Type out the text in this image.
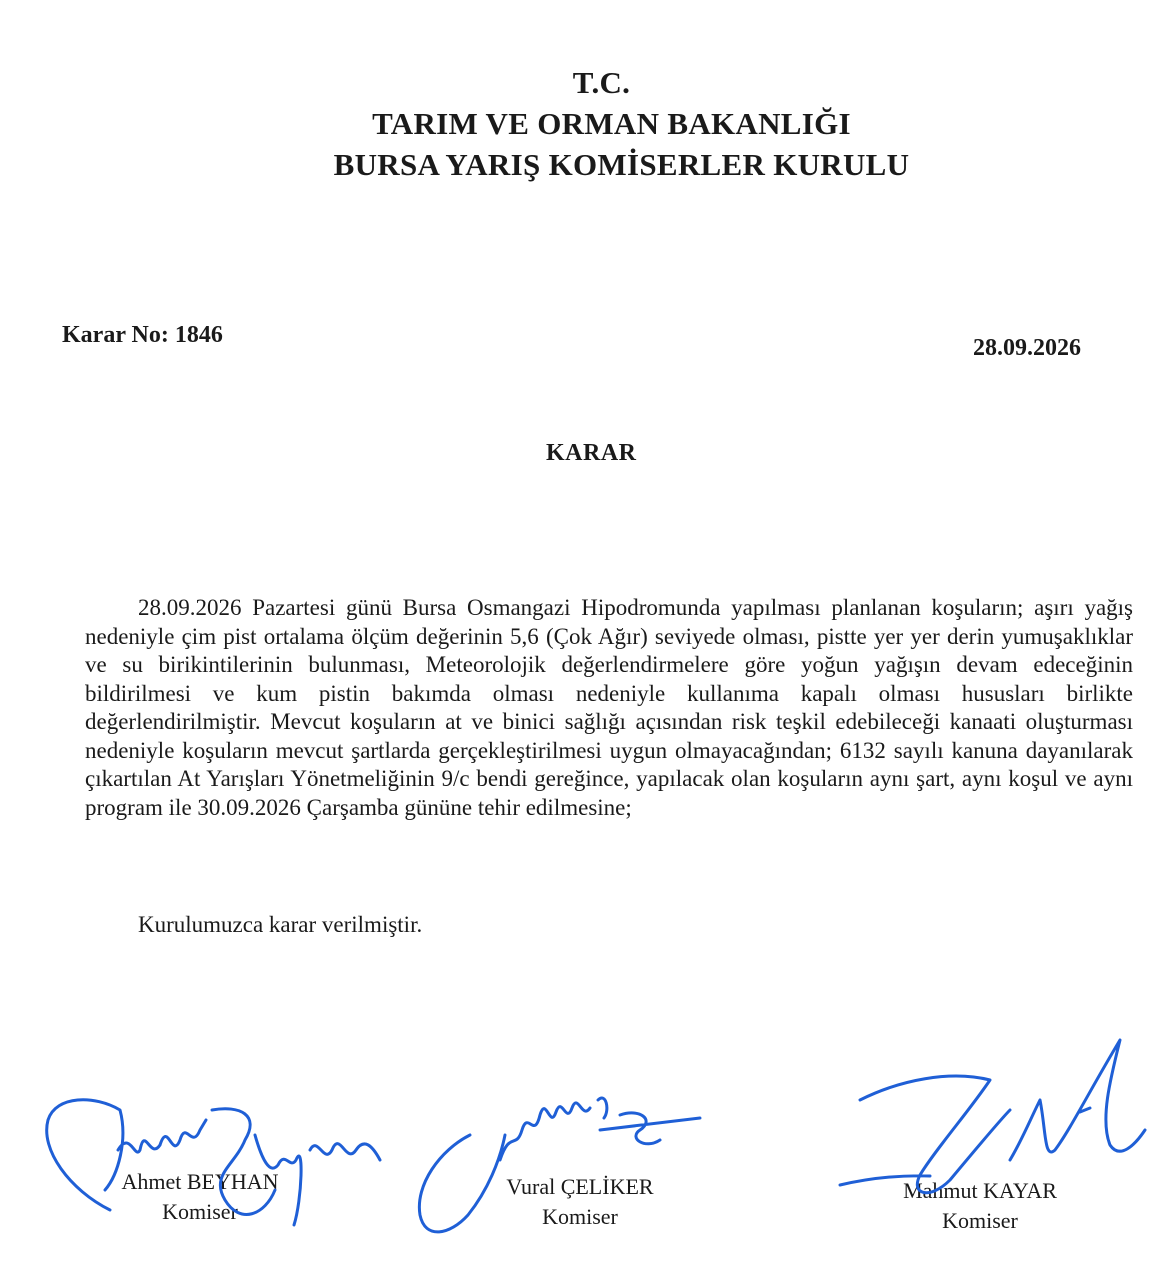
T.C.
TARIM VE ORMAN BAKANLIĞI
BURSA YARIŞ KOMİSERLER KURULU
Karar No: 1846	28.09.2026
KARAR
28.09.2026 Pazartesi günü Bursa Osmangazi Hipodromunda yapılması planlanan koşuların; aşırı yağış nedeniyle çim pist ortalama ölçüm değerinin 5,6 (Çok Ağır) seviyede olması, pistte yer yer derin yumuşaklıklar ve su birikintilerinin bulunması, Meteorolojik değerlendirmelere göre yoğun yağışın devam edeceğinin bildirilmesi ve kum pistin bakımda olması nedeniyle kullanıma kapalı olması hususları birlikte değerlendirilmiştir. Mevcut koşuların at ve binici sağlığı açısından risk teşkil edebileceği kanaati oluşturması nedeniyle koşuların mevcut şartlarda gerçekleştirilmesi uygun olmayacağından; 6132 sayılı kanuna dayanılarak çıkartılan At Yarışları Yönetmeliğinin 9/c bendi gereğince, yapılacak olan koşuların aynı şart, aynı koşul ve aynı program ile 30.09.2026 Çarşamba gününe tehir edilmesine;
Kurulumuzca karar verilmiştir.
Ahmet BEYHAN
Komiser
Vural ÇELİKER
Komiser
Mahmut KAYAR
Komiser
